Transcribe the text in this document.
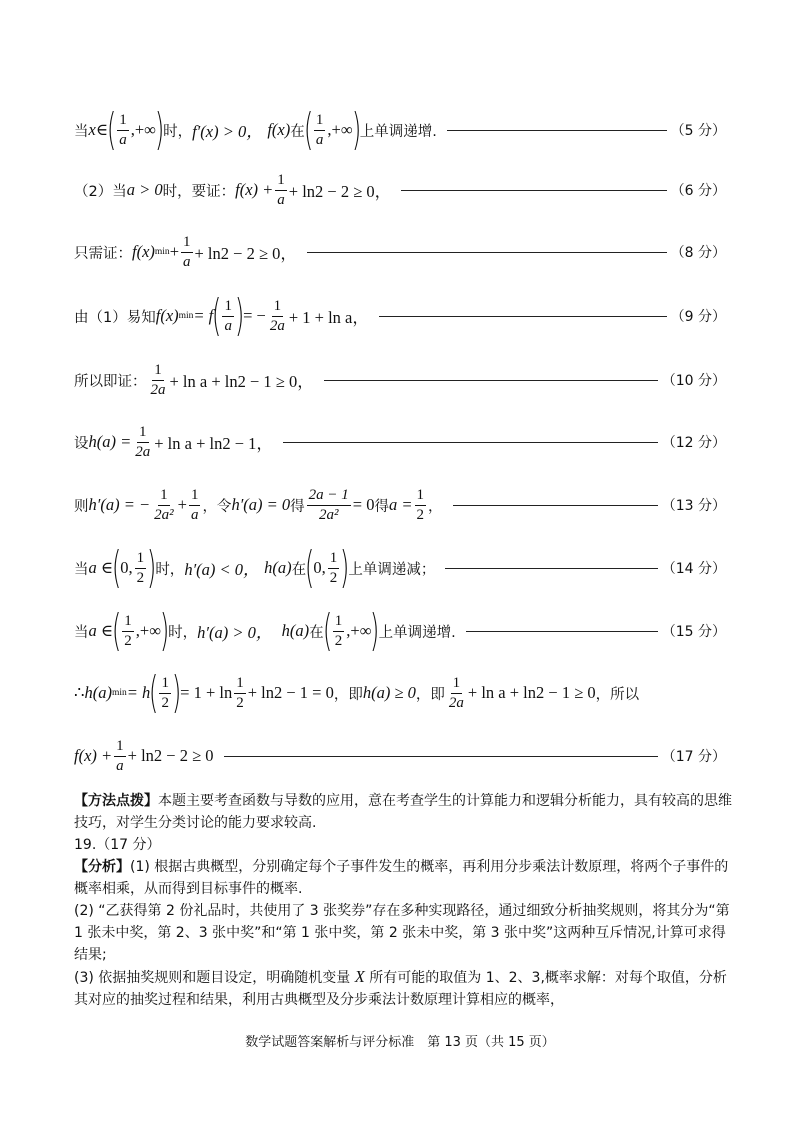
当 x ∈
( $\frac{1}{a}$ ,+∞
)
时， f′(x) > 0，
f(x) 在
( $\frac{1}{a}$ ,+∞
)
上单调递增.	（5 分）
（2）当 a > 0 时，要证： $f(x) + \frac{1}{a} + \ln 2 - 2 \ge 0$，	（6 分）
只需证： f(x) $\min + \frac{1}{a} + \ln 2 - 2 \ge 0$，	（8 分）
由（1）易知 f(x) min = f
( $\frac{1}{a}$ )
= − $\frac{1}{2a} + 1 + \ln a$，	（9 分）
所以即证： $\frac{1}{2a} + \ln a + \ln 2 - 1 \ge 0$，	（10 分）
设 $h(a) = \frac{1}{2a} + \ln a + \ln 2 - 1$，	（12 分）
则 h′(a) = − $\frac{1}{\text{2a²}} + \frac{1}{a}$ ，令 h′(a) = 0 得 $\frac{2a - 1}{\text{2a²}} = 0$ 得 $a = \frac{1}{2}$ ，	（13 分）
当 a ∈
(
0, $\frac{1}{2}$ )
时， h′(a) < 0，
h(a) 在
(
0, $\frac{1}{2}$ )
上单调递减；	（14 分）
当 a ∈
( $\frac{1}{2}$ ,+∞
)
时， h′(a) > 0，
h(a) 在
( $\frac{1}{2}$ ,+∞
)
上单调递增.	（15 分）
∴ h(a) min = h
( $\frac{1}{2}$ )
= $1 + \ln \frac{1}{2} + \ln 2 - 1 = 0$ ，即 h(a) ≥ 0 ，即 $\frac{1}{2a} + \ln a + \ln 2 - 1 \ge 0$ ，所以
$f(x) + \frac{1}{a} + \ln 2 - 2 \ge 0$	（17 分）
【方法点拨】本题主要考查函数与导数的应用，意在考查学生的计算能力和逻辑分析能力，具有较高的思维技巧，对学生分类讨论的能力要求较高.
19.（17 分）
【分析】(1) 根据古典概型，分别确定每个子事件发生的概率，再利用分步乘法计数原理，将两个子事件的概率相乘，从而得到目标事件的概率.
(2) “乙获得第 2 份礼品时，共使用了 3 张奖券”存在多种实现路径，通过细致分析抽奖规则，将其分为“第 1 张未中奖，第 2、3 张中奖”和“第 1 张中奖，第 2 张未中奖，第 3 张中奖”这两种互斥情况,计算可求得结果;
(3) 依据抽奖规则和题目设定，明确随机变量 X 所有可能的取值为 1、2、3,概率求解：对每个取值，分析其对应的抽奖过程和结果，利用古典概型及分步乘法计数原理计算相应的概率，
数学试题答案解析与评分标准　第 13 页（共 15 页）
